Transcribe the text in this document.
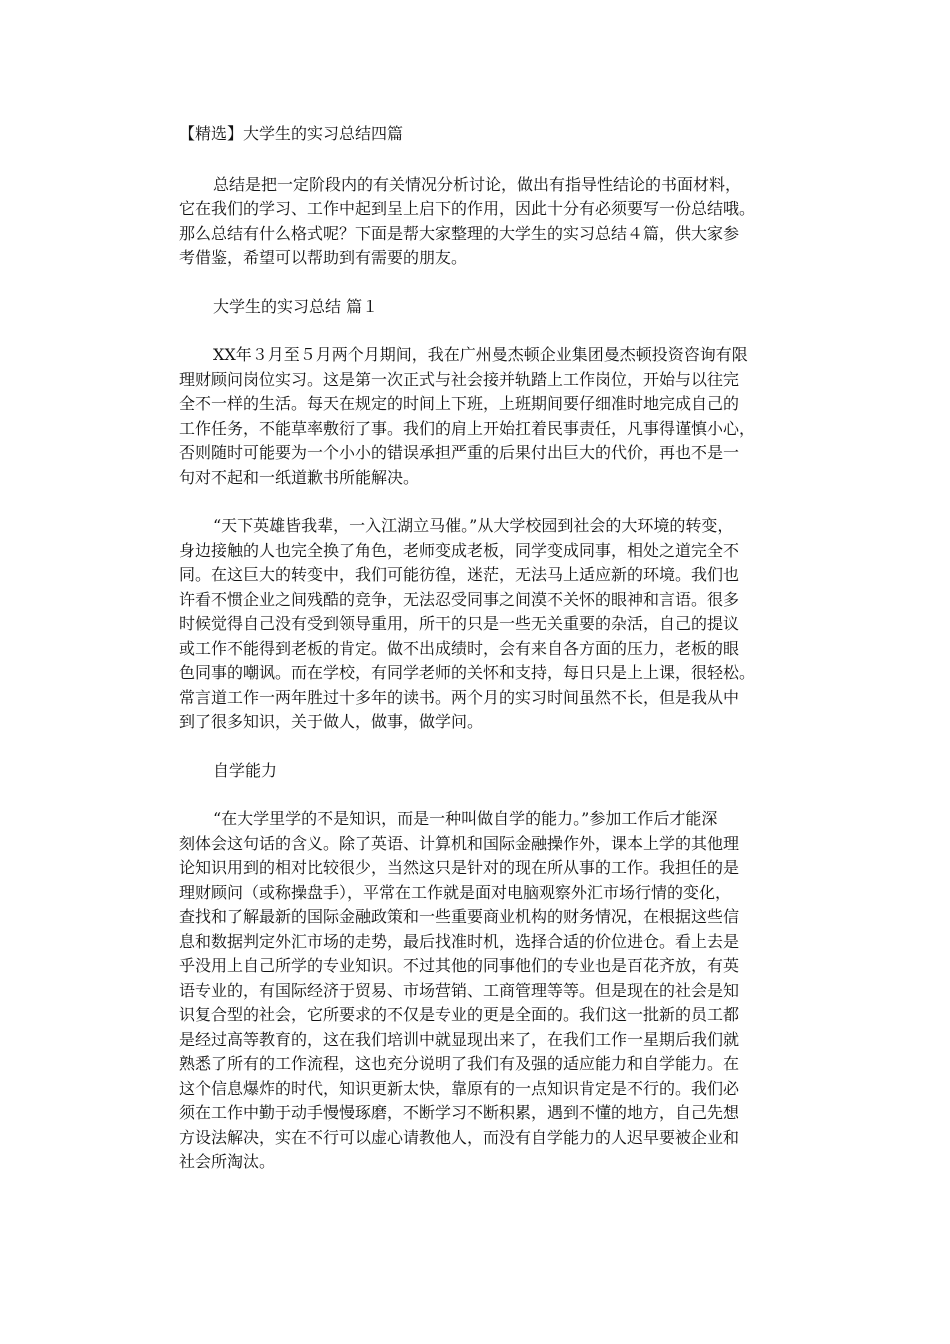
【精选】大学生的实习总结四篇
总结是把一定阶段内的有关情况分析讨论，做出有指导性结论的书面材料，
它在我们的学习、工作中起到呈上启下的作用，因此十分有必须要写一份总结哦。
那么总结有什么格式呢？下面是帮大家整理的大学生的实习总结４篇，供大家参
考借鉴，希望可以帮助到有需要的朋友。
大学生的实习总结 篇１
XX年３月至５月两个月期间，我在广州曼杰顿企业集团曼杰顿投资咨询有限
理财顾问岗位实习。这是第一次正式与社会接并轨踏上工作岗位，开始与以往完
全不一样的生活。每天在规定的时间上下班，上班期间要仔细准时地完成自己的
工作任务，不能草率敷衍了事。我们的肩上开始扛着民事责任，凡事得谨慎小心，
否则随时可能要为一个小小的错误承担严重的后果付出巨大的代价，再也不是一
句对不起和一纸道歉书所能解决。
“天下英雄皆我辈，一入江湖立马催。”从大学校园到社会的大环境的转变，
身边接触的人也完全换了角色，老师变成老板，同学变成同事，相处之道完全不
同。在这巨大的转变中，我们可能彷徨，迷茫，无法马上适应新的环境。我们也
许看不惯企业之间残酷的竞争，无法忍受同事之间漠不关怀的眼神和言语。很多
时候觉得自己没有受到领导重用，所干的只是一些无关重要的杂活，自己的提议
或工作不能得到老板的肯定。做不出成绩时，会有来自各方面的压力，老板的眼
色同事的嘲讽。而在学校，有同学老师的关怀和支持，每日只是上上课，很轻松。
常言道工作一两年胜过十多年的读书。两个月的实习时间虽然不长，但是我从中
到了很多知识，关于做人，做事，做学问。
自学能力
“在大学里学的不是知识，而是一种叫做自学的能力。”参加工作后才能深
刻体会这句话的含义。除了英语、计算机和国际金融操作外，课本上学的其他理
论知识用到的相对比较很少，当然这只是针对的现在所从事的工作。我担任的是
理财顾问（或称操盘手），平常在工作就是面对电脑观察外汇市场行情的变化，
查找和了解最新的国际金融政策和一些重要商业机构的财务情况，在根据这些信
息和数据判定外汇市场的走势，最后找准时机，选择合适的价位进仓。看上去是
乎没用上自己所学的专业知识。不过其他的同事他们的专业也是百花齐放，有英
语专业的，有国际经济于贸易、市场营销、工商管理等等。但是现在的社会是知
识复合型的社会，它所要求的不仅是专业的更是全面的。我们这一批新的员工都
是经过高等教育的，这在我们培训中就显现出来了，在我们工作一星期后我们就
熟悉了所有的工作流程，这也充分说明了我们有及强的适应能力和自学能力。在
这个信息爆炸的时代，知识更新太快，靠原有的一点知识肯定是不行的。我们必
须在工作中勤于动手慢慢琢磨，不断学习不断积累，遇到不懂的地方，自己先想
方设法解决，实在不行可以虚心请教他人，而没有自学能力的人迟早要被企业和
社会所淘汰。
